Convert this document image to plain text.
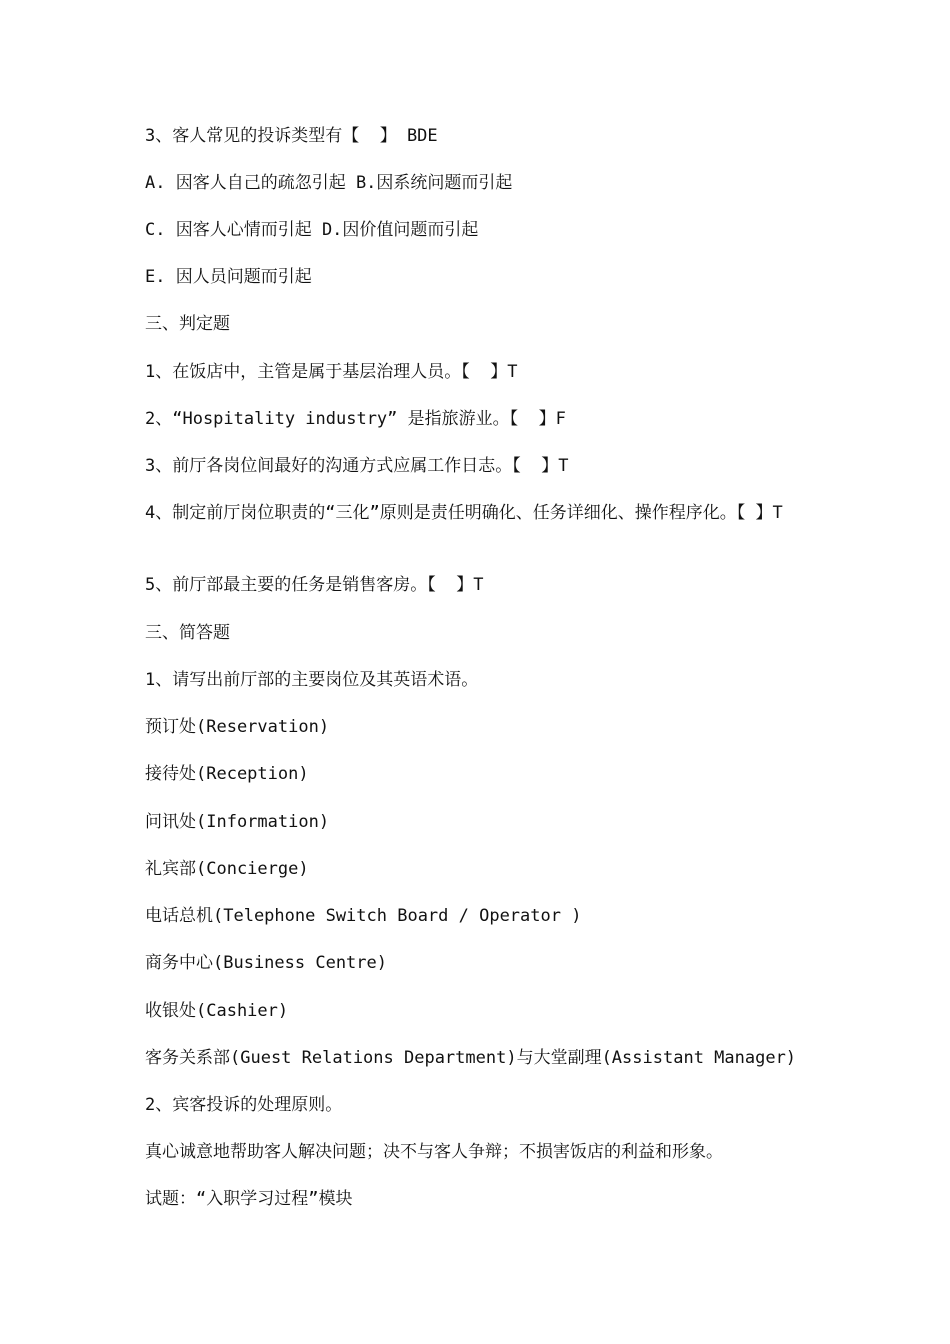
3、客人常见的投诉类型有【  】 BDE

A. 因客人自己的疏忽引起 B.因系统问题而引起

C. 因客人心情而引起 D.因价值问题而引起

E. 因人员问题而引起

三、判定题

1、在饭店中，主管是属于基层治理人员。【  】T

2、“Hospitality industry” 是指旅游业。【  】F

3、前厅各岗位间最好的沟通方式应属工作日志。【  】T

4、制定前厅岗位职责的“三化”原则是责任明确化、任务详细化、操作程序化。【 】T

5、前厅部最主要的任务是销售客房。【  】T

三、简答题

1、请写出前厅部的主要岗位及其英语术语。

预订处(Reservation)

接待处(Reception)

问讯处(Information)

礼宾部(Concierge)

电话总机(Telephone Switch Board / Operator )

商务中心(Business Centre)

收银处(Cashier)

客务关系部(Guest Relations Department)与大堂副理(Assistant Manager)

2、宾客投诉的处理原则。

真心诚意地帮助客人解决问题；决不与客人争辩；不损害饭店的利益和形象。

试题：“入职学习过程”模块
